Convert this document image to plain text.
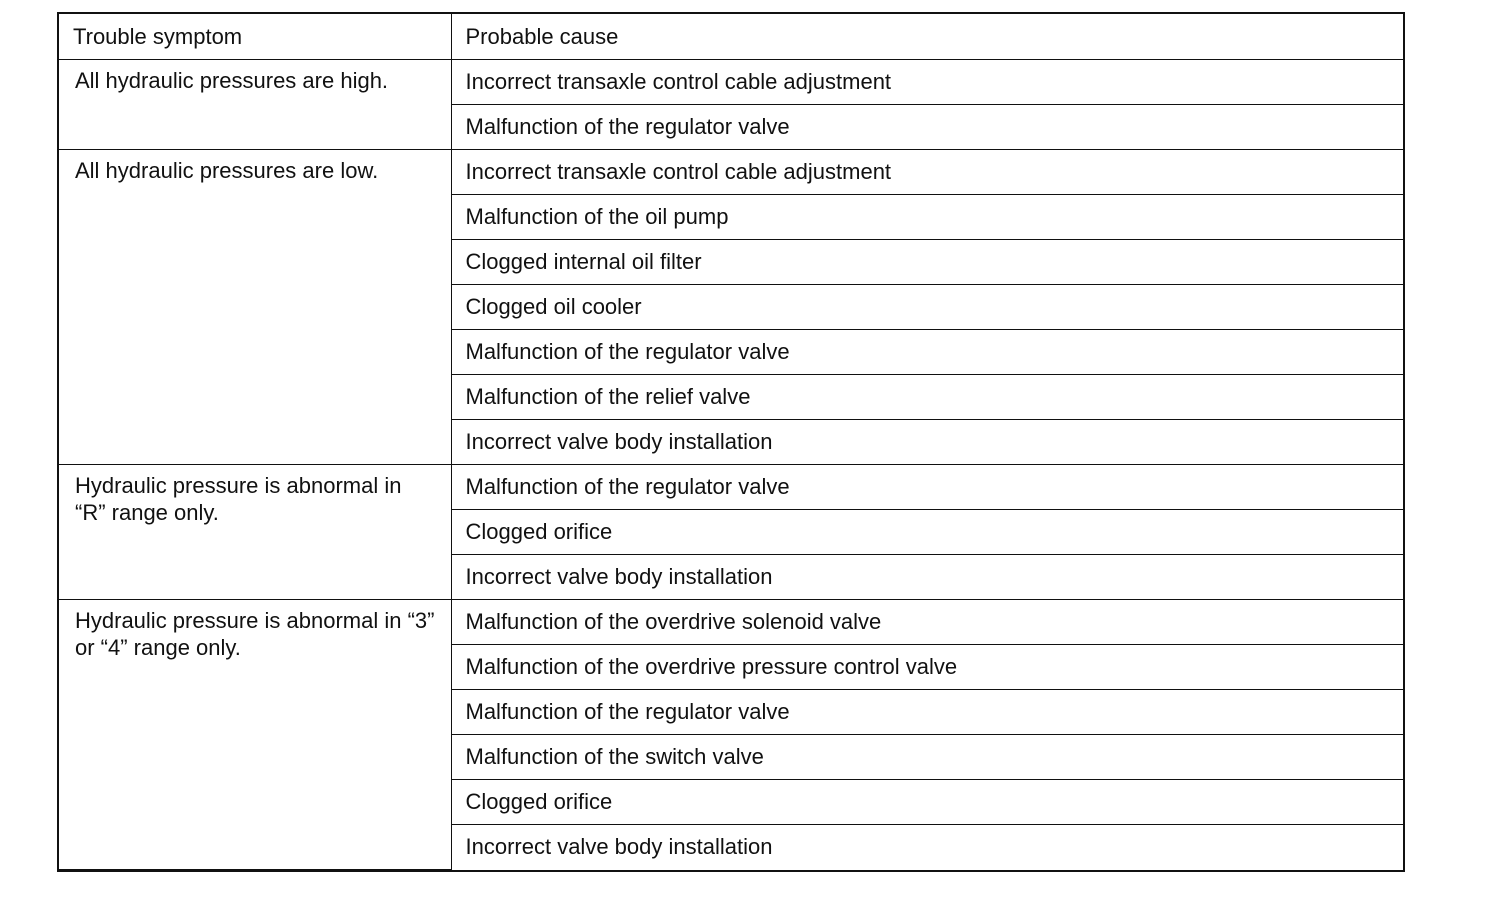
Trouble symptom	Probable cause
All hydraulic pressures are high.	Incorrect transaxle control cable adjustment
	Malfunction of the regulator valve
All hydraulic pressures are low.	Incorrect transaxle control cable adjustment
	Malfunction of the oil pump
	Clogged internal oil filter
	Clogged oil cooler
	Malfunction of the regulator valve
	Malfunction of the relief valve
	Incorrect valve body installation
Hydraulic pressure is abnormal in “R” range only.	Malfunction of the regulator valve
	Clogged orifice
	Incorrect valve body installation
Hydraulic pressure is abnormal in “3” or “4” range only.	Malfunction of the overdrive solenoid valve
	Malfunction of the overdrive pressure control valve
	Malfunction of the regulator valve
	Malfunction of the switch valve
	Clogged orifice
	Incorrect valve body installation
